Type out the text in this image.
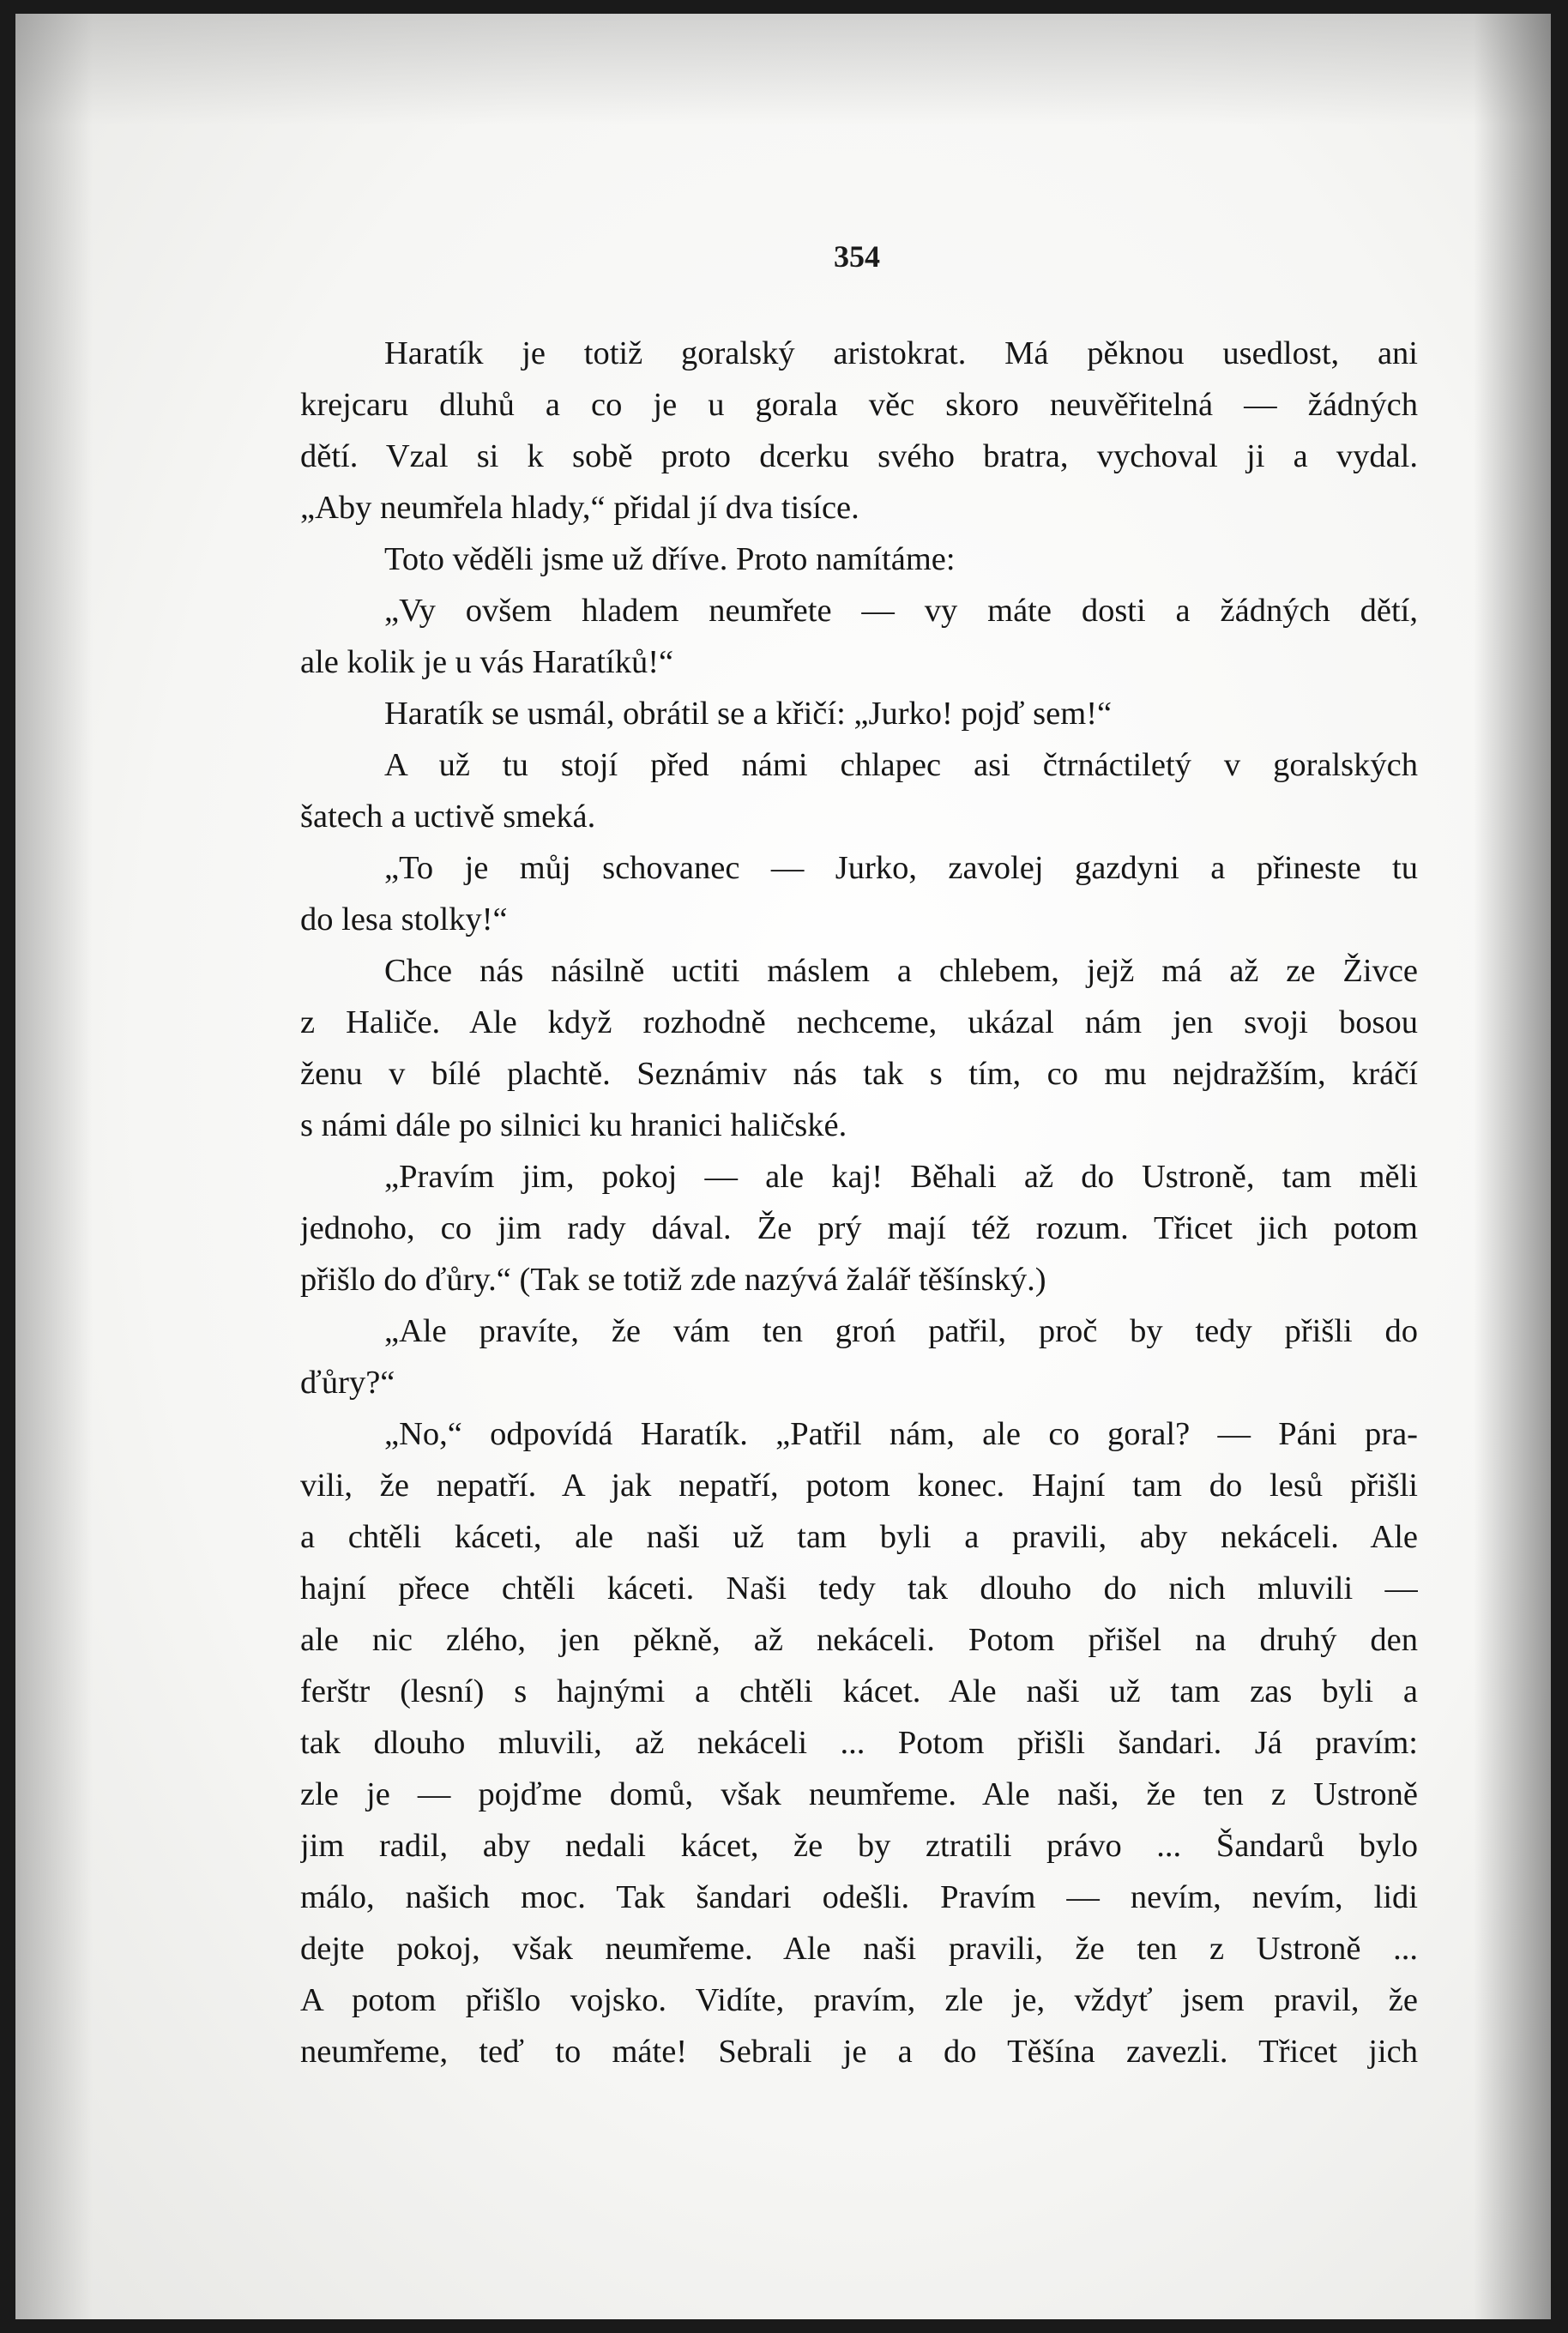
354
Haratík je totiž goralský aristokrat. Má pěknou usedlost, ani
krejcaru dluhů a co je u gorala věc skoro neuvěřitelná — žádných
dětí. Vzal si k sobě proto dcerku svého bratra, vychoval ji a vydal.
„Aby neumřela hlady,“ přidal jí dva tisíce.
Toto věděli jsme už dříve. Proto namítáme:
„Vy ovšem hladem neumřete — vy máte dosti a žádných dětí,
ale kolik je u vás Haratíků!“
Haratík se usmál, obrátil se a křičí: „Jurko! pojď sem!“
A už tu stojí před námi chlapec asi čtrnáctiletý v goralských
šatech a uctivě smeká.
„To je můj schovanec — Jurko, zavolej gazdyni a přineste tu
do lesa stolky!“
Chce nás násilně uctiti máslem a chlebem, jejž má až ze Živce
z Haliče. Ale když rozhodně nechceme, ukázal nám jen svoji bosou
ženu v bílé plachtě. Seznámiv nás tak s tím, co mu nejdražším, kráčí
s námi dále po silnici ku hranici haličské.
„Pravím jim, pokoj — ale kaj! Běhali až do Ustroně, tam měli
jednoho, co jim rady dával. Že prý mají též rozum. Třicet jich potom
přišlo do ďůry.“ (Tak se totiž zde nazývá žalář těšínský.)
„Ale pravíte, že vám ten groń patřil, proč by tedy přišli do
ďůry?“
„No,“ odpovídá Haratík. „Patřil nám, ale co goral? — Páni pra-
vili, že nepatří. A jak nepatří, potom konec. Hajní tam do lesů přišli
a chtěli káceti, ale naši už tam byli a pravili, aby nekáceli. Ale
hajní přece chtěli káceti. Naši tedy tak dlouho do nich mluvili —
ale nic zlého, jen pěkně, až nekáceli. Potom přišel na druhý den
ferštr (lesní) s hajnými a chtěli kácet. Ale naši už tam zas byli a
tak dlouho mluvili, až nekáceli ... Potom přišli šandari. Já pravím:
zle je — pojďme domů, však neumřeme. Ale naši, že ten z Ustroně
jim radil, aby nedali kácet, že by ztratili právo ... Šandarů bylo
málo, našich moc. Tak šandari odešli. Pravím — nevím, nevím, lidi
dejte pokoj, však neumřeme. Ale naši pravili, že ten z Ustroně ...
A potom přišlo vojsko. Vidíte, pravím, zle je, vždyť jsem pravil, že
neumřeme, teď to máte! Sebrali je a do Těšína zavezli. Třicet jich
